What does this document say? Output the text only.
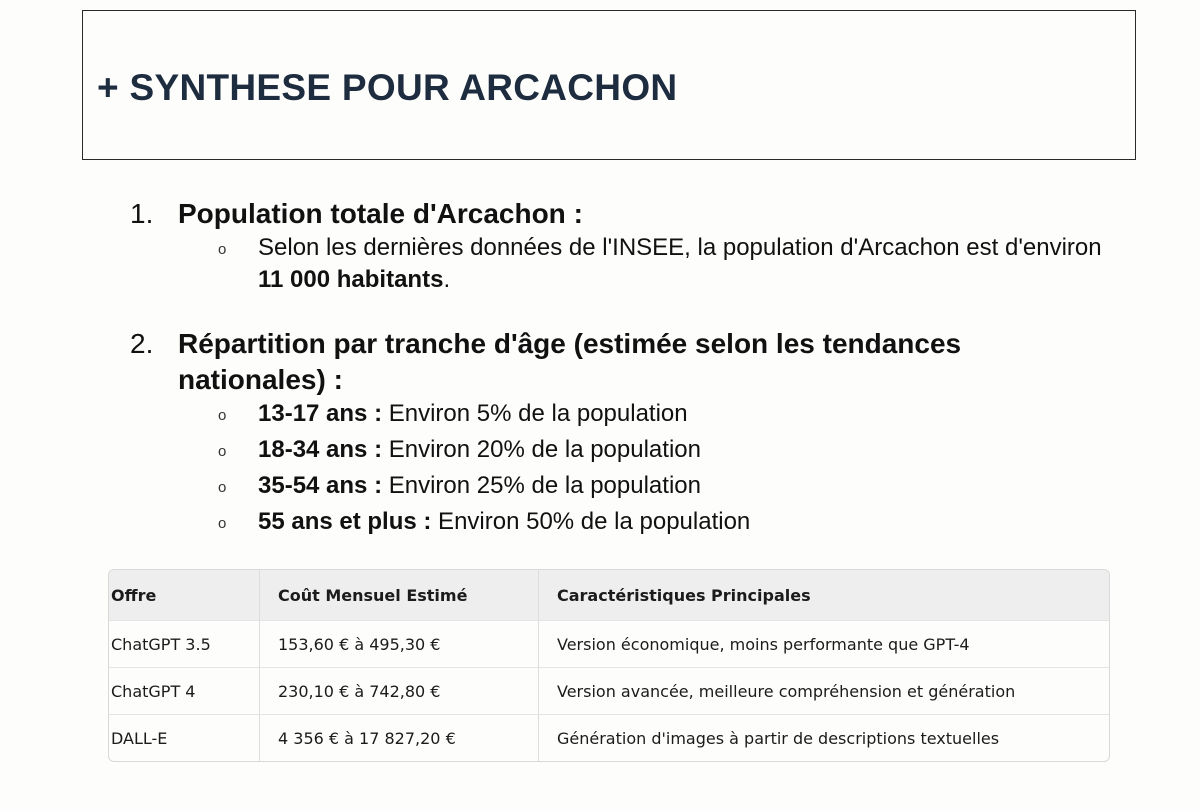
+ SYNTHESE POUR ARCACHON
1. Population totale d'Arcachon :
o	Selon les dernières données de l'INSEE, la population d'Arcachon est d'environ 11 000 habitants.
2. Répartition par tranche d'âge (estimée selon les tendances nationales) :
o	13-17 ans : Environ 5% de la population
o	18-34 ans : Environ 20% de la population
o	35-54 ans : Environ 25% de la population
o	55 ans et plus : Environ 50% de la population
Offre	Coût Mensuel Estimé	Caractéristiques Principales
ChatGPT 3.5	153,60 € à 495,30 €	Version économique, moins performante que GPT-4
ChatGPT 4	230,10 € à 742,80 €	Version avancée, meilleure compréhension et génération
DALL-E	4 356 € à 17 827,20 €	Génération d'images à partir de descriptions textuelles
